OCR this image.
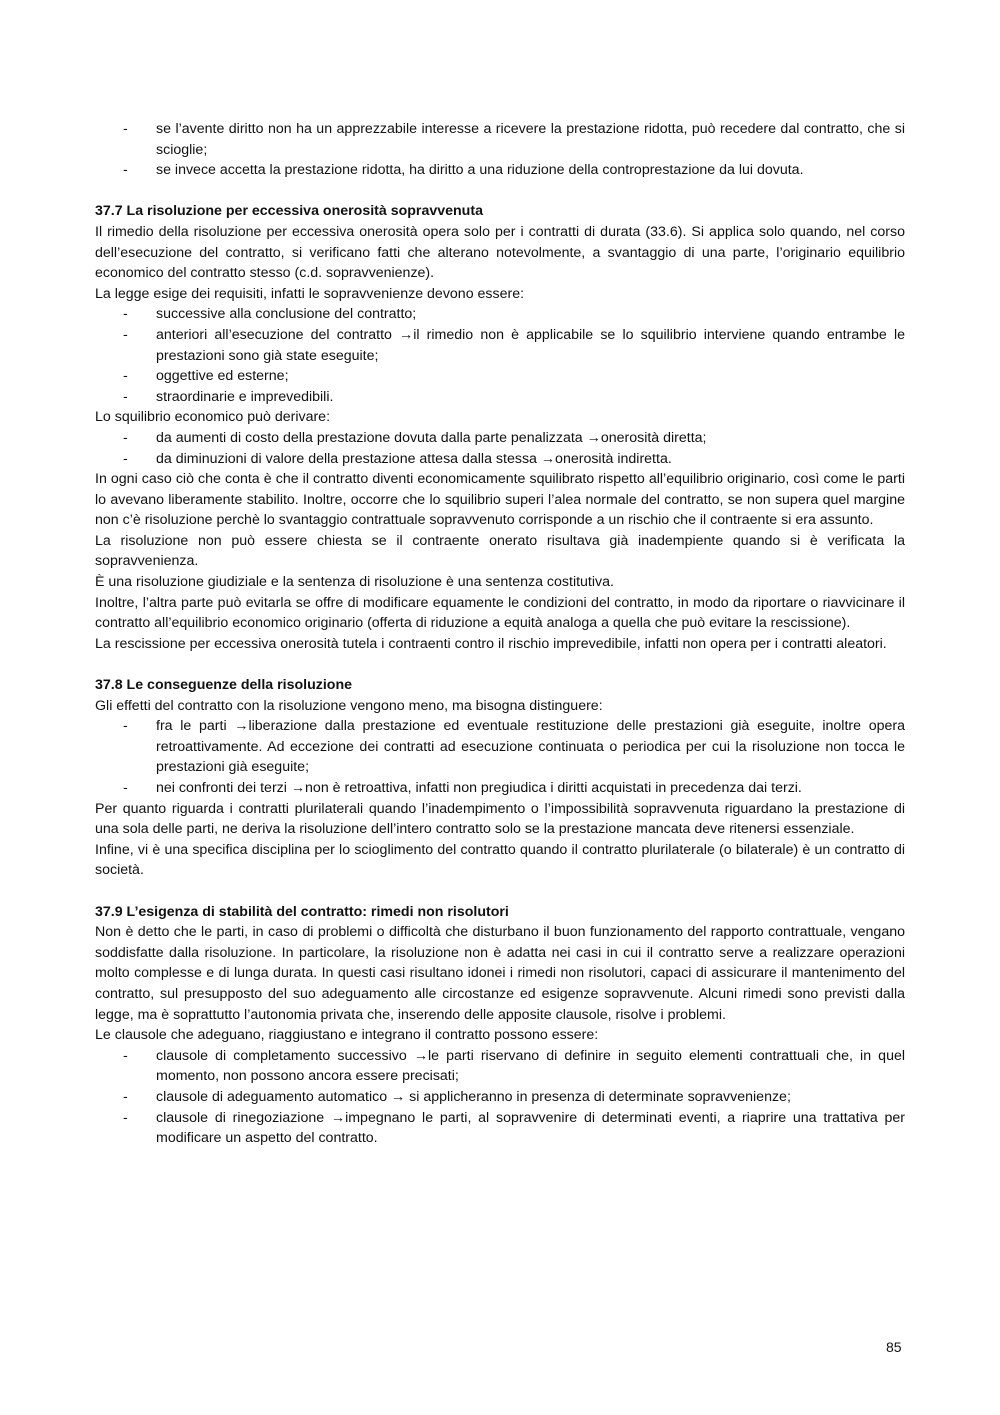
- se l’avente diritto non ha un apprezzabile interesse a ricevere la prestazione ridotta, può recedere dal contratto, che si scioglie;
- se invece accetta la prestazione ridotta, ha diritto a una riduzione della controprestazione da lui dovuta.
37.7 La risoluzione per eccessiva onerosità sopravvenuta

Il rimedio della risoluzione per eccessiva onerosità opera solo per i contratti di durata (33.6). Si applica solo quando, nel corso dell’esecuzione del contratto, si verificano fatti che alterano notevolmente, a svantaggio di una parte, l’originario equilibrio economico del contratto stesso (c.d. sopravvenienze).

La legge esige dei requisiti, infatti le sopravvenienze devono essere:

- successive alla conclusione del contratto;
- anteriori all’esecuzione del contratto →il rimedio non è applicabile se lo squilibrio interviene quando entrambe le prestazioni sono già state eseguite;
- oggettive ed esterne;
- straordinarie e imprevedibili.

Lo squilibrio economico può derivare:

- da aumenti di costo della prestazione dovuta dalla parte penalizzata →onerosità diretta;
- da diminuzioni di valore della prestazione attesa dalla stessa →onerosità indiretta.

In ogni caso ciò che conta è che il contratto diventi economicamente squilibrato rispetto all’equilibrio originario, così come le parti lo avevano liberamente stabilito. Inoltre, occorre che lo squilibrio superi l’alea normale del contratto, se non supera quel margine non c’è risoluzione perchè lo svantaggio contrattuale sopravvenuto corrisponde a un rischio che il contraente si era assunto.

La risoluzione non può essere chiesta se il contraente onerato risultava già inadempiente quando si è verificata la sopravvenienza.

È una risoluzione giudiziale e la sentenza di risoluzione è una sentenza costitutiva.

Inoltre, l’altra parte può evitarla se offre di modificare equamente le condizioni del contratto, in modo da riportare o riavvicinare il contratto all’equilibrio economico originario (offerta di riduzione a equità analoga a quella che può evitare la rescissione).

La rescissione per eccessiva onerosità tutela i contraenti contro il rischio imprevedibile, infatti non opera per i contratti aleatori.

37.8 Le conseguenze della risoluzione

Gli effetti del contratto con la risoluzione vengono meno, ma bisogna distinguere:

- fra le parti →liberazione dalla prestazione ed eventuale restituzione delle prestazioni già eseguite, inoltre opera retroattivamente. Ad eccezione dei contratti ad esecuzione continuata o periodica per cui la risoluzione non tocca le prestazioni già eseguite;
- nei confronti dei terzi →non è retroattiva, infatti non pregiudica i diritti acquistati in precedenza dai terzi.

Per quanto riguarda i contratti plurilaterali quando l’inadempimento o l’impossibilità sopravvenuta riguardano la prestazione di una sola delle parti, ne deriva la risoluzione dell’intero contratto solo se la prestazione mancata deve ritenersi essenziale.

Infine, vi è una specifica disciplina per lo scioglimento del contratto quando il contratto plurilaterale (o bilaterale) è un contratto di società.

37.9 L’esigenza di stabilità del contratto: rimedi non risolutori

Non è detto che le parti, in caso di problemi o difficoltà che disturbano il buon funzionamento del rapporto contrattuale, vengano soddisfatte dalla risoluzione. In particolare, la risoluzione non è adatta nei casi in cui il contratto serve a realizzare operazioni molto complesse e di lunga durata. In questi casi risultano idonei i rimedi non risolutori, capaci di assicurare il mantenimento del contratto, sul presupposto del suo adeguamento alle circostanze ed esigenze sopravvenute. Alcuni rimedi sono previsti dalla legge, ma è soprattutto l’autonomia privata che, inserendo delle apposite clausole, risolve i problemi.

Le clausole che adeguano, riaggiustano e integrano il contratto possono essere:

- clausole di completamento successivo →le parti riservano di definire in seguito elementi contrattuali che, in quel momento, non possono ancora essere precisati;
- clausole di adeguamento automatico → si applicheranno in presenza di determinate sopravvenienze;
- clausole di rinegoziazione →impegnano le parti, al sopravvenire di determinati eventi, a riaprire una trattativa per modificare un aspetto del contratto.
85
